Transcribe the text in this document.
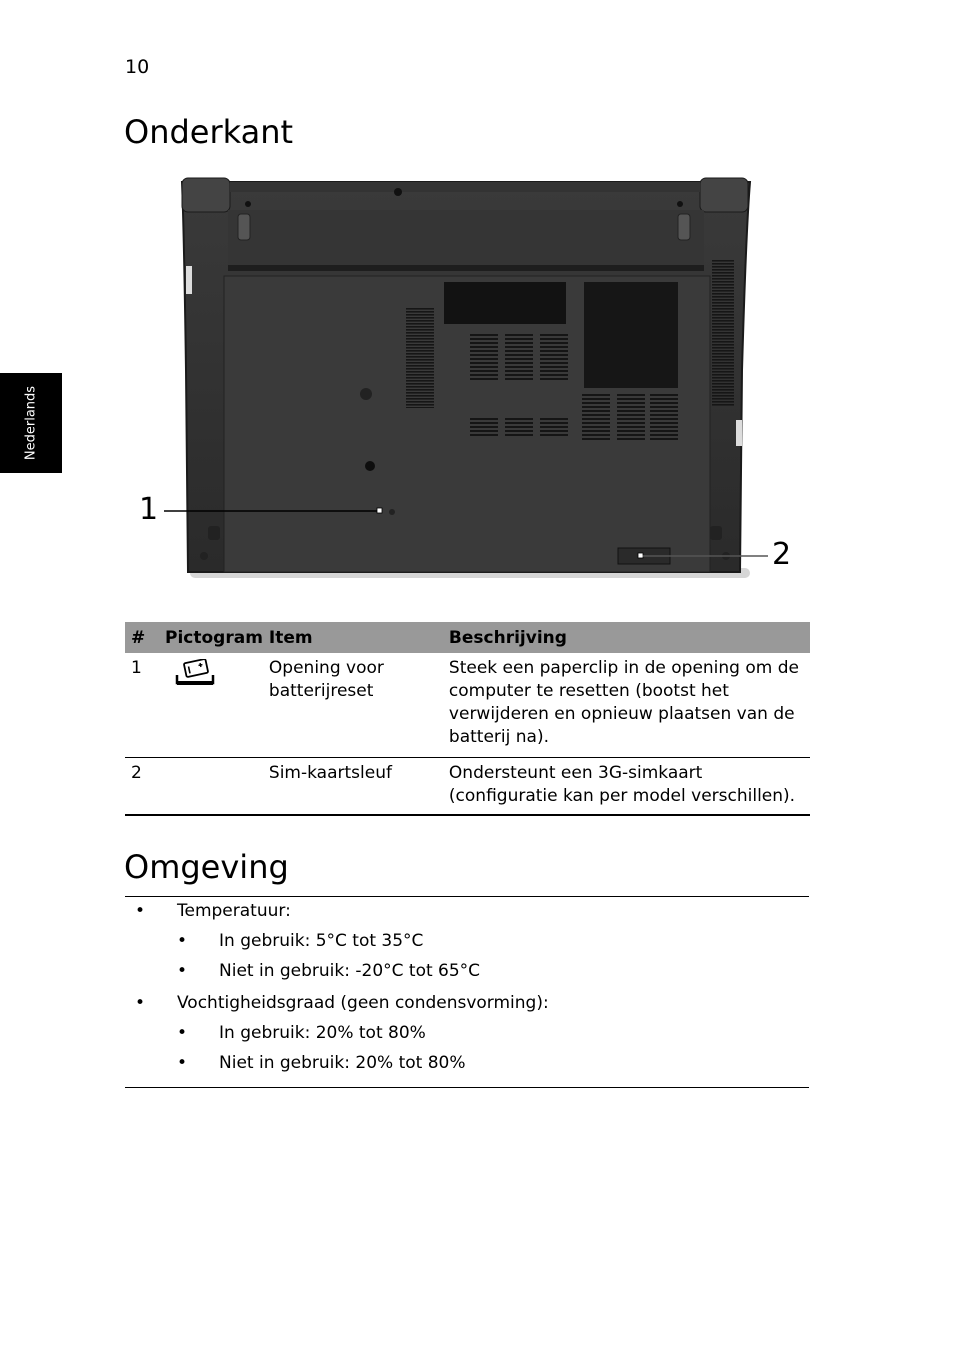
10
Nederlands
Onderkant
1
2
#	Pictogram	Item	Beschrijving
1		Opening voor batterijreset	Steek een paperclip in de opening om de computer te resetten (bootst het verwijderen en opnieuw plaatsen van de batterij na).
2		Sim-kaartsleuf	Ondersteunt een 3G-simkaart (configuratie kan per model verschillen).
Omgeving
• Temperatuur:
• In gebruik: 5°C tot 35°C
• Niet in gebruik: -20°C tot 65°C
• Vochtigheidsgraad (geen condensvorming):
• In gebruik: 20% tot 80%
• Niet in gebruik: 20% tot 80%
